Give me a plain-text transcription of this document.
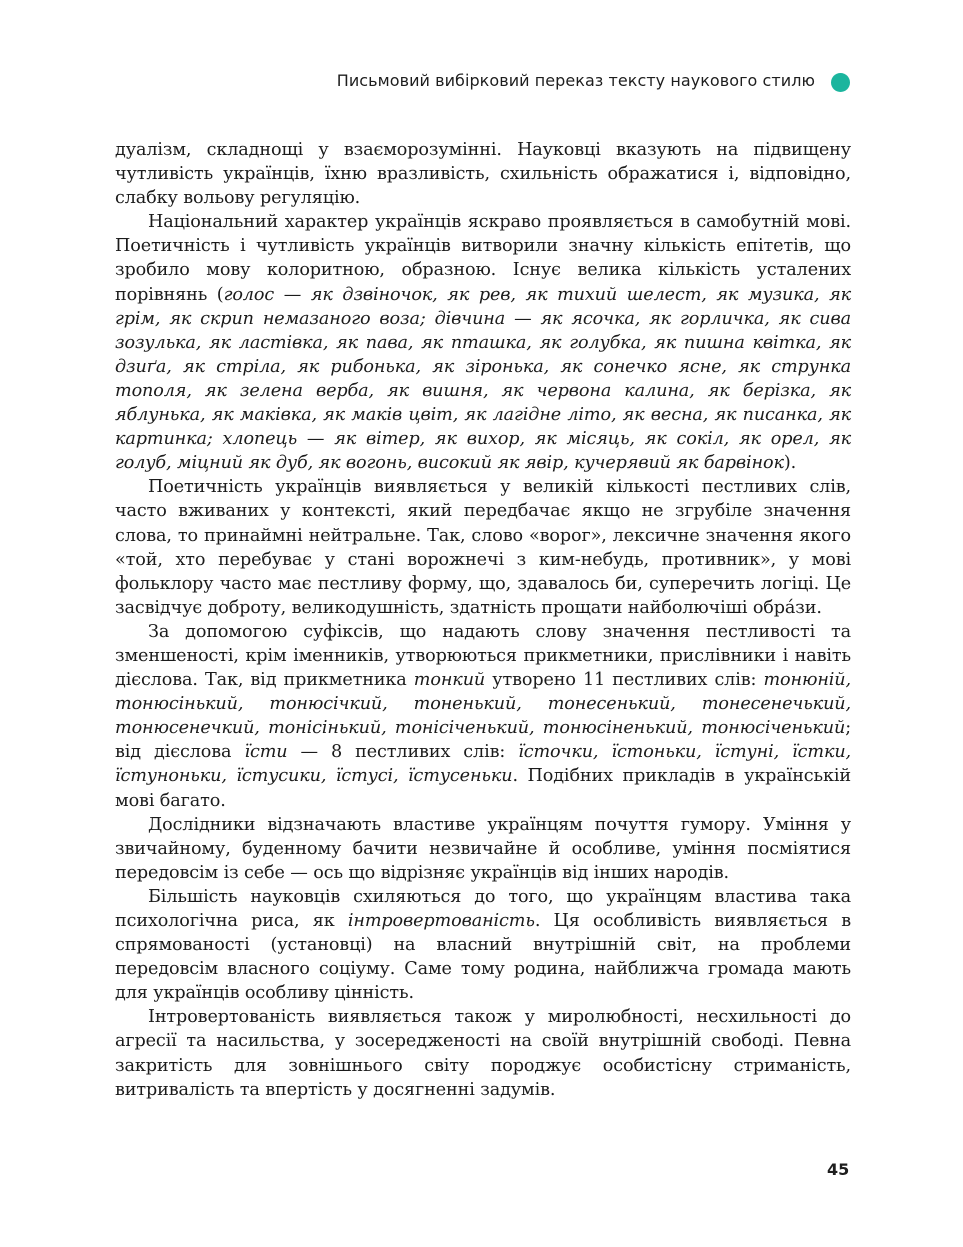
Письмовий вибірковий переказ тексту наукового стилю

дуалізм, складнощі у взаєморозумінні. Науковці вказують на підвищену чутливість українців, їхню вразливість, схильність ображатися і, відповідно, слабку вольову регуляцію.

Національний характер українців яскраво проявляється в самобутній мові. Поетичність і чутливість українців витворили значну кількість епітетів, що зробило мову колоритною, образною. Існує велика кількість усталених порівнянь (голос — як дзвіночок, як рев, як тихий шелест, як музика, як грім, як скрип немазаного воза; дівчина — як ясочка, як горличка, як сива зозулька, як ластівка, як пава, як пташка, як голубка, як пишна квітка, як дзиґа, як стріла, як рибонька, як зіронька, як сонечко ясне, як струнка тополя, як зелена верба, як вишня, як червона калина, як берізка, як яблунька, як маківка, як маків цвіт, як лагідне літо, як весна, як писанка, як картинка; хлопець — як вітер, як вихор, як місяць, як сокіл, як орел, як голуб, міцний як дуб, як вогонь, високий як явір, кучерявий як барвінок).

Поетичність українців виявляється у великій кількості пестливих слів, часто вживаних у контексті, який передбачає якщо не згрубіле значення слова, то принаймні нейтральне. Так, слово «ворог», лексичне значення якого «той, хто перебуває у стані ворожнечі з ким-небудь, противник», у мові фольклору часто має пестливу форму, що, здавалось би, суперечить логіці. Це засвідчує доброту, великодушність, здатність прощати найболючіші обра́зи.

За допомогою суфіксів, що надають слову значення пестливості та зменшеності, крім іменників, утворюються прикметники, прислівники і навіть дієслова. Так, від прикметника тонкий утворено 11 пестливих слів: тонюній, тонюсінький, тонюсічкий, тоненький, тонесенький, тонесенечький, тонюсенечкий, тонісінький, тонісіченький, тонюсіненький, тонюсіченький; від дієслова їсти — 8 пестливих слів: їсточки, їстоньки, їстуні, їстки, їстуноньки, їстусики, їстусі, їстусеньки. Подібних прикладів в українській мові багато.

Дослідники відзначають властиве українцям почуття гумору. Уміння у звичайному, буденному бачити незвичайне й особливе, уміння посміятися передовсім із себе — ось що відрізняє українців від інших народів.

Більшість науковців схиляються до того, що українцям властива така психологічна риса, як інтровертованість. Ця особливість виявляється в спрямованості (установці) на власний внутрішній світ, на проблеми передовсім власного соціуму. Саме тому родина, найближча громада мають для українців особливу цінність.

Інтровертованість виявляється також у миролюбності, несхильності до агресії та насильства, у зосередженості на своїй внутрішній свободі. Певна закритість для зовнішнього світу породжує особистісну стриманість, витривалість та впертість у досягненні задумів.

45
